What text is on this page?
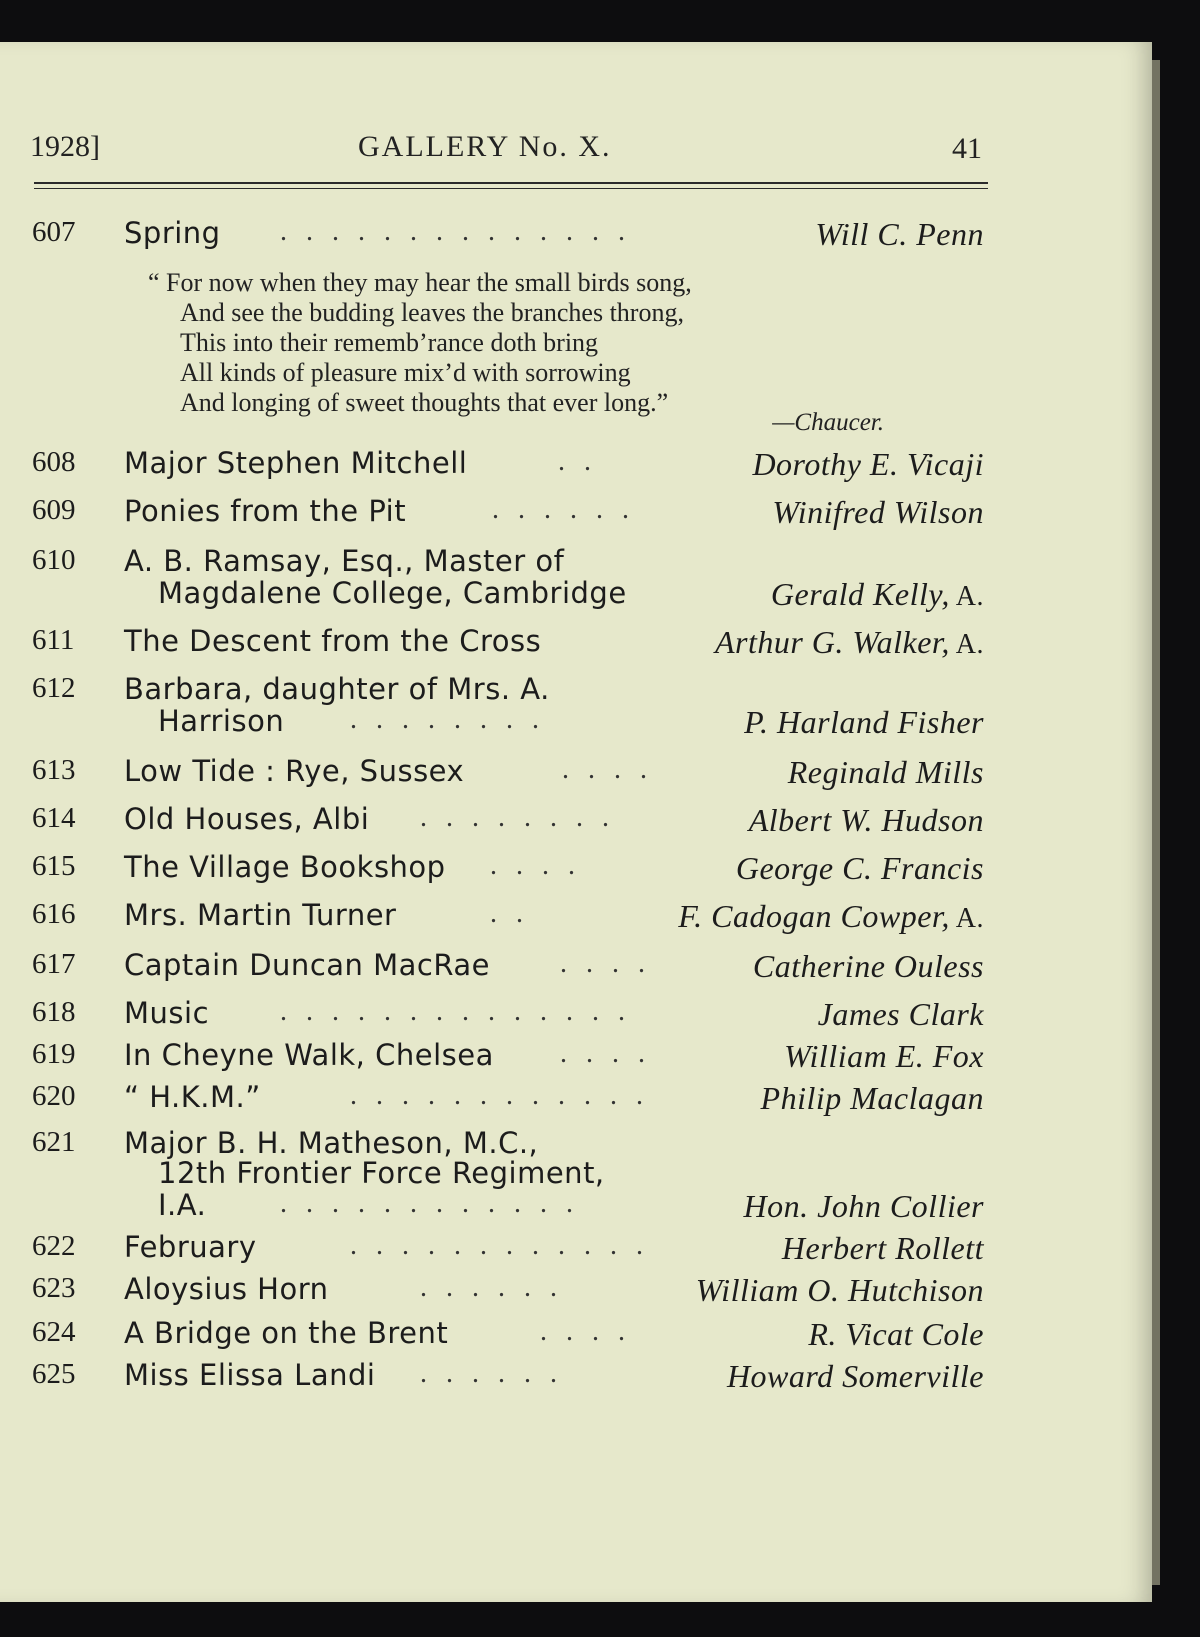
1928]	GALLERY No. X.	41
“ For now when they may hear the small birds song,
And see the budding leaves the branches throng,
This into their rememb’rance doth bring
All kinds of pleasure mix’d with sorrowing
And longing of sweet thoughts that ever long.”
—Chaucer.
607 Spring . . . . . . . . . . . . . .	Will C. Penn
608 Major Stephen Mitchell	. .	Dorothy E. Vicaji
609 Ponies from the Pit	. . . . . .	Winifred Wilson
610 A. B. Ramsay, Esq., Master of
Magdalene College, Cambridge	Gerald Kelly, A.
611 The Descent from the Cross	Arthur G. Walker, A.
612 Barbara, daughter of Mrs. A.
Harrison . . . . . . . .	P. Harland Fisher
613 Low Tide : Rye, Sussex	. . . .	Reginald Mills
614 Old Houses, Albi . . . . . . . .	Albert W. Hudson
615 The Village Bookshop . . . .	George C. Francis
616 Mrs. Martin Turner	. .	F. Cadogan Cowper, A.
617 Captain Duncan MacRae	. . . .	Catherine Ouless
618 Music	. . . . . . . . . . . . . .	James Clark
619 In Cheyne Walk, Chelsea . . . .	William E. Fox
620 “ H.K.M.”	. . . . . . . . . . . .	Philip Maclagan
621 Major B. H. Matheson, M.C.,
12th Frontier Force Regiment,
I.A.	. . . . . . . . . . . .	Hon. John Collier
622 February	. . . . . . . . . . . .	Herbert Rollett
623 Aloysius Horn	. . . . . .	William O. Hutchison
624 A Bridge on the Brent	. . . .	R. Vicat Cole
625 Miss Elissa Landi . . . . . .	Howard Somerville
